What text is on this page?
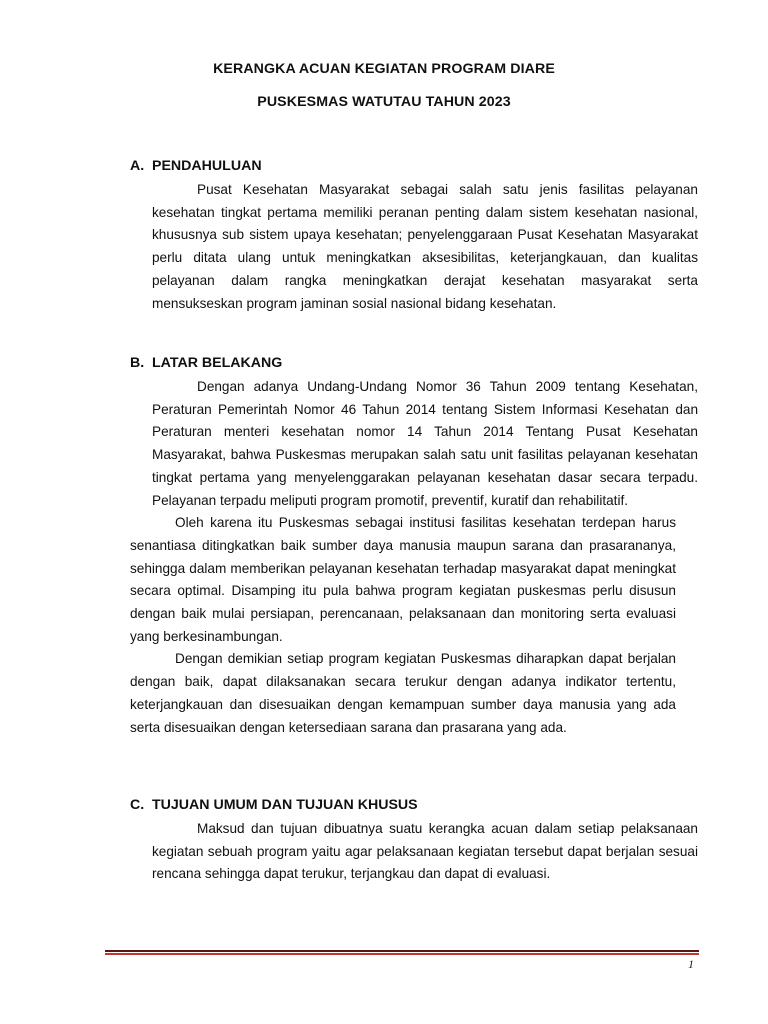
KERANGKA ACUAN KEGIATAN PROGRAM DIARE
PUSKESMAS WATUTAU TAHUN 2023
A. PENDAHULUAN

Pusat Kesehatan Masyarakat sebagai salah satu jenis fasilitas pelayanan kesehatan tingkat pertama memiliki peranan penting dalam sistem kesehatan nasional, khususnya sub sistem upaya kesehatan; penyelenggaraan Pusat Kesehatan Masyarakat perlu ditata ulang untuk meningkatkan aksesibilitas, keterjangkauan, dan kualitas pelayanan dalam rangka meningkatkan derajat kesehatan masyarakat serta mensukseskan program jaminan sosial nasional bidang kesehatan.

B. LATAR BELAKANG

Dengan adanya Undang-Undang Nomor 36 Tahun 2009 tentang Kesehatan, Peraturan Pemerintah Nomor 46 Tahun 2014 tentang Sistem Informasi Kesehatan dan Peraturan menteri kesehatan nomor 14 Tahun 2014 Tentang Pusat Kesehatan Masyarakat, bahwa Puskesmas merupakan salah satu unit fasilitas pelayanan kesehatan tingkat pertama yang menyelenggarakan pelayanan kesehatan dasar secara terpadu. Pelayanan terpadu meliputi program promotif, preventif, kuratif dan rehabilitatif.

Oleh karena itu Puskesmas sebagai institusi fasilitas kesehatan terdepan harus senantiasa ditingkatkan baik sumber daya manusia maupun sarana dan prasarananya, sehingga dalam memberikan pelayanan kesehatan terhadap masyarakat dapat meningkat secara optimal. Disamping itu pula bahwa program kegiatan puskesmas perlu disusun dengan baik mulai persiapan, perencanaan, pelaksanaan dan monitoring serta evaluasi yang berkesinambungan.

Dengan demikian setiap program kegiatan Puskesmas diharapkan dapat berjalan dengan baik, dapat dilaksanakan secara terukur dengan adanya indikator tertentu, keterjangkauan dan disesuaikan dengan kemampuan sumber daya manusia yang ada serta disesuaikan dengan ketersediaan sarana dan prasarana yang ada.

C. TUJUAN UMUM DAN TUJUAN KHUSUS

Maksud dan tujuan dibuatnya suatu kerangka acuan dalam setiap pelaksanaan kegiatan sebuah program yaitu agar pelaksanaan kegiatan tersebut dapat berjalan sesuai rencana sehingga dapat terukur, terjangkau dan dapat di evaluasi.

1
